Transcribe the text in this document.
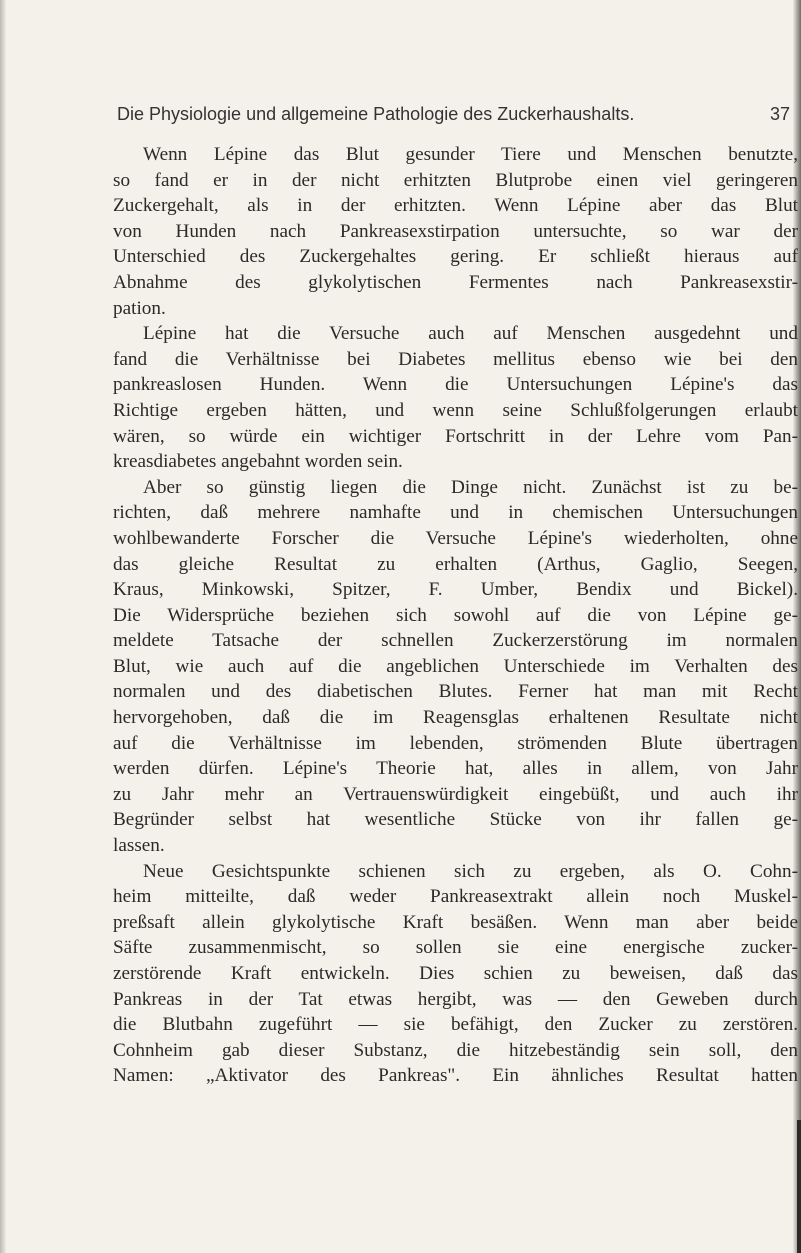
Die Physiologie und allgemeine Pathologie des Zuckerhaushalts.	37
Wenn Lépine das Blut gesunder Tiere und Menschen benutzte,
so fand er in der nicht erhitzten Blutprobe einen viel geringeren
Zuckergehalt, als in der erhitzten. Wenn Lépine aber das Blut
von Hunden nach Pankreasexstirpation untersuchte, so war der
Unterschied des Zuckergehaltes gering. Er schließt hieraus auf
Abnahme des glykolytischen Fermentes nach Pankreasexstir-
pation.
Lépine hat die Versuche auch auf Menschen ausgedehnt und
fand die Verhältnisse bei Diabetes mellitus ebenso wie bei den
pankreaslosen Hunden. Wenn die Untersuchungen Lépine's das
Richtige ergeben hätten, und wenn seine Schlußfolgerungen erlaubt
wären, so würde ein wichtiger Fortschritt in der Lehre vom Pan-
kreasdiabetes angebahnt worden sein.
Aber so günstig liegen die Dinge nicht. Zunächst ist zu be-
richten, daß mehrere namhafte und in chemischen Untersuchungen
wohlbewanderte Forscher die Versuche Lépine's wiederholten, ohne
das gleiche Resultat zu erhalten (Arthus, Gaglio, Seegen,
Kraus, Minkowski, Spitzer, F. Umber, Bendix und Bickel).
Die Widersprüche beziehen sich sowohl auf die von Lépine ge-
meldete Tatsache der schnellen Zuckerzerstörung im normalen
Blut, wie auch auf die angeblichen Unterschiede im Verhalten des
normalen und des diabetischen Blutes. Ferner hat man mit Recht
hervorgehoben, daß die im Reagensglas erhaltenen Resultate nicht
auf die Verhältnisse im lebenden, strömenden Blute übertragen
werden dürfen. Lépine's Theorie hat, alles in allem, von Jahr
zu Jahr mehr an Vertrauenswürdigkeit eingebüßt, und auch ihr
Begründer selbst hat wesentliche Stücke von ihr fallen ge-
lassen.
Neue Gesichtspunkte schienen sich zu ergeben, als O. Cohn-
heim mitteilte, daß weder Pankreasextrakt allein noch Muskel-
preßsaft allein glykolytische Kraft besäßen. Wenn man aber beide
Säfte zusammenmischt, so sollen sie eine energische zucker-
zerstörende Kraft entwickeln. Dies schien zu beweisen, daß das
Pankreas in der Tat etwas hergibt, was — den Geweben durch
die Blutbahn zugeführt — sie befähigt, den Zucker zu zerstören.
Cohnheim gab dieser Substanz, die hitzebeständig sein soll, den
Namen: „Aktivator des Pankreas". Ein ähnliches Resultat hatten
